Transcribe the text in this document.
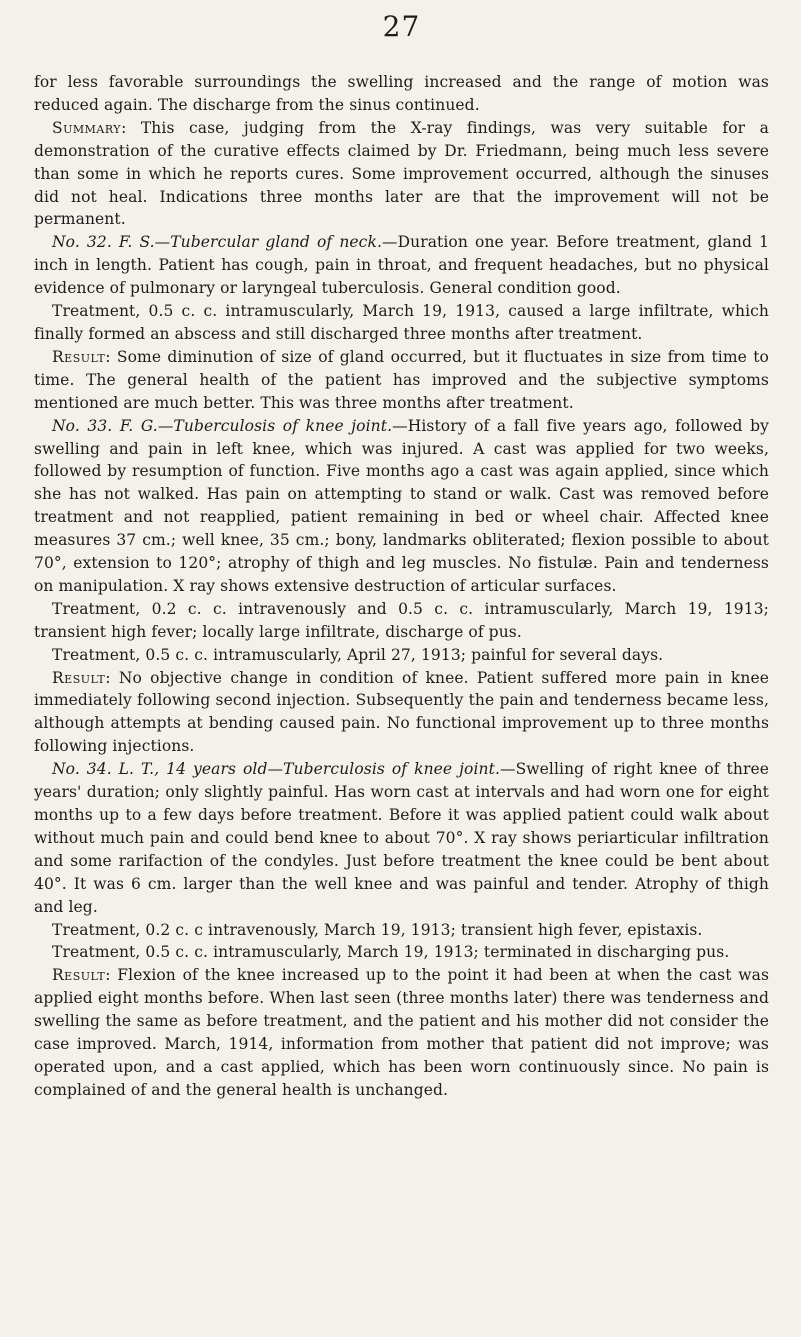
27

for less favorable surroundings the swelling increased and the range of motion was reduced again. The discharge from the sinus continued.

Summary: This case, judging from the X-ray findings, was very suitable for a demonstration of the curative effects claimed by Dr. Friedmann, being much less severe than some in which he reports cures. Some improvement occurred, although the sinuses did not heal. Indications three months later are that the improvement will not be permanent.

No. 32. F. S.—Tubercular gland of neck.—Duration one year. Before treatment, gland 1 inch in length. Patient has cough, pain in throat, and frequent headaches, but no physical evidence of pulmonary or laryngeal tuberculosis. General condition good.

Treatment, 0.5 c. c. intramuscularly, March 19, 1913, caused a large infiltrate, which finally formed an abscess and still discharged three months after treatment.

Result: Some diminution of size of gland occurred, but it fluctuates in size from time to time. The general health of the patient has improved and the subjective symptoms mentioned are much better. This was three months after treatment.

No. 33. F. G.—Tuberculosis of knee joint.—History of a fall five years ago, followed by swelling and pain in left knee, which was injured. A cast was applied for two weeks, followed by resumption of function. Five months ago a cast was again applied, since which she has not walked. Has pain on attempting to stand or walk. Cast was removed before treatment and not reapplied, patient remaining in bed or wheel chair. Affected knee measures 37 cm.; well knee, 35 cm.; bony, landmarks obliterated; flexion possible to about 70°, extension to 120°; atrophy of thigh and leg muscles. No fistulæ. Pain and tenderness on manipulation. X ray shows extensive destruction of articular surfaces.

Treatment, 0.2 c. c. intravenously and 0.5 c. c. intramuscularly, March 19, 1913; transient high fever; locally large infiltrate, discharge of pus.

Treatment, 0.5 c. c. intramuscularly, April 27, 1913; painful for several days.

Result: No objective change in condition of knee. Patient suffered more pain in knee immediately following second injection. Subsequently the pain and tenderness became less, although attempts at bending caused pain. No functional improvement up to three months following injections.

No. 34. L. T., 14 years old—Tuberculosis of knee joint.—Swelling of right knee of three years' duration; only slightly painful. Has worn cast at intervals and had worn one for eight months up to a few days before treatment. Before it was applied patient could walk about without much pain and could bend knee to about 70°. X ray shows periarticular infiltration and some rarifaction of the condyles. Just before treatment the knee could be bent about 40°. It was 6 cm. larger than the well knee and was painful and tender. Atrophy of thigh and leg.

Treatment, 0.2 c. c intravenously, March 19, 1913; transient high fever, epistaxis.

Treatment, 0.5 c. c. intramuscularly, March 19, 1913; terminated in discharging pus.

Result: Flexion of the knee increased up to the point it had been at when the cast was applied eight months before. When last seen (three months later) there was tenderness and swelling the same as before treatment, and the patient and his mother did not consider the case improved. March, 1914, information from mother that patient did not improve; was operated upon, and a cast applied, which has been worn continuously since. No pain is complained of and the general health is unchanged.
